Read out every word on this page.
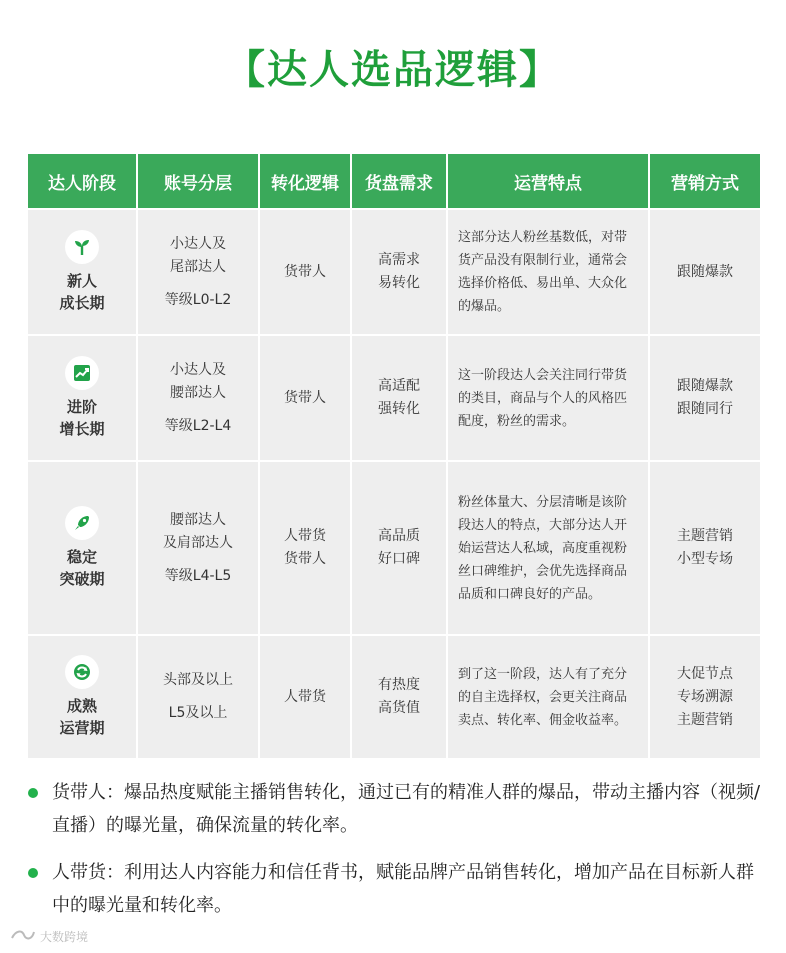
【达人选品逻辑】
达人阶段	账号分层	转化逻辑	货盘需求	运营特点	营销方式

新人
成长期	小达人及
尾部达人
等级L0-L2	货带人	高需求
易转化	这部分达人粉丝基数低，对带货产品没有限制行业，通常会选择价格低、易出单、大众化的爆品。	跟随爆款

进阶
增长期	小达人及
腰部达人
等级L2-L4	货带人	高适配
强转化	这一阶段达人会关注同行带货的类目，商品与个人的风格匹配度，粉丝的需求。	跟随爆款
跟随同行

稳定
突破期	腰部达人
及肩部达人
等级L4-L5	人带货
货带人	高品质
好口碑	粉丝体量大、分层清晰是该阶段达人的特点，大部分达人开始运营达人私域，高度重视粉丝口碑维护，会优先选择商品品质和口碑良好的产品。	主题营销
小型专场

成熟
运营期	头部及以上
L5及以上	人带货	有热度
高货值	到了这一阶段，达人有了充分的自主选择权，会更关注商品卖点、转化率、佣金收益率。	大促节点
专场溯源
主题营销
货带人：爆品热度赋能主播销售转化，通过已有的精准人群的爆品，带动主播内容（视频/直播）的曝光量，确保流量的转化率。
人带货：利用达人内容能力和信任背书，赋能品牌产品销售转化，增加产品在目标新人群中的曝光量和转化率。
大数跨境
